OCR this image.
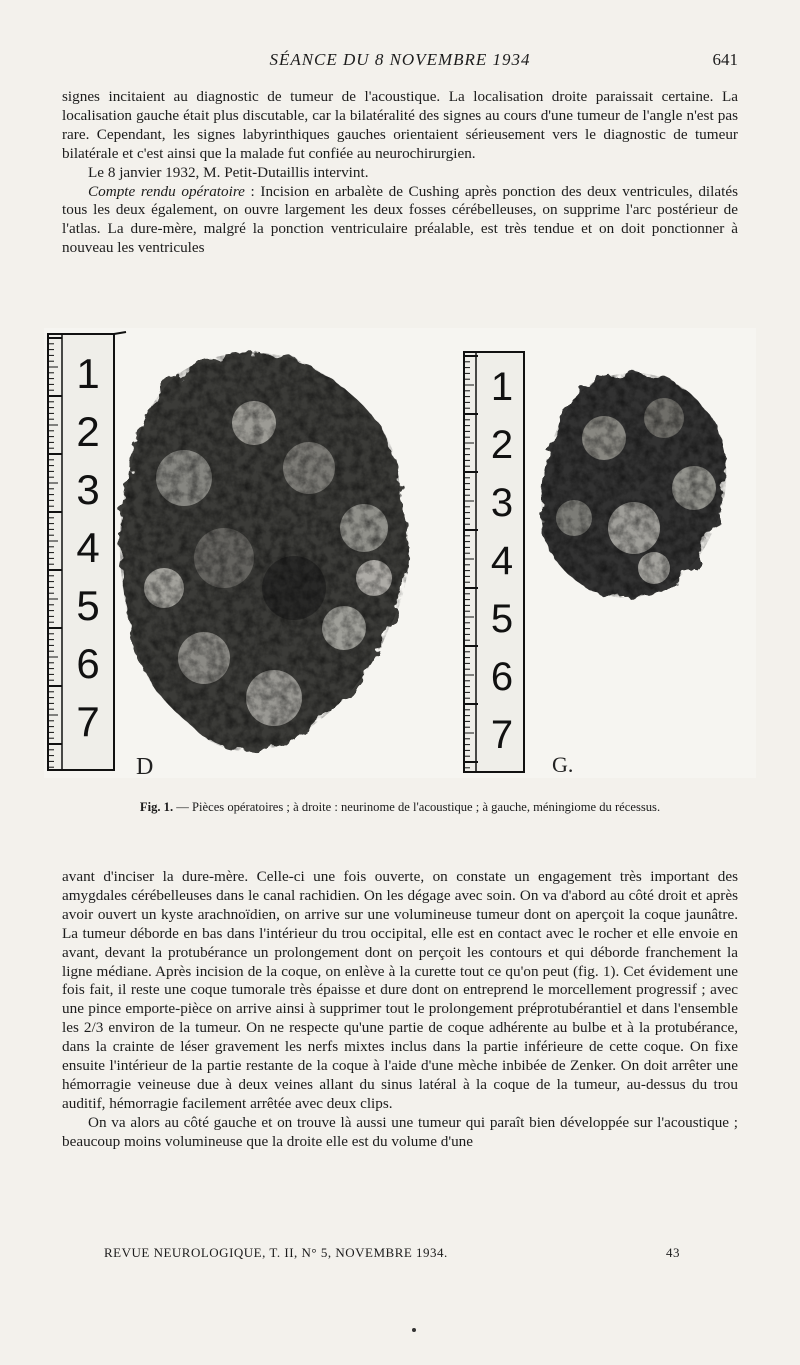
SÉANCE DU 8 NOVEMBRE 1934	641

signes incitaient au diagnostic de tumeur de l'acoustique. La localisation droite paraissait certaine. La localisation gauche était plus discutable, car la bilatéralité des signes au cours d'une tumeur de l'angle n'est pas rare. Cependant, les signes labyrinthiques gauches orientaient sérieusement vers le diagnostic de tumeur bilatérale et c'est ainsi que la malade fut confiée au neurochirurgien.

Le 8 janvier 1932, M. Petit-Dutaillis intervint.

Compte rendu opératoire : Incision en arbalète de Cushing après ponction des deux ventricules, dilatés tous les deux également, on ouvre largement les deux fosses cérébelleuses, on supprime l'arc postérieur de l'atlas. La dure-mère, malgré la ponction ventriculaire préalable, est très tendue et on doit ponctionner à nouveau les ventricules

1
2
3
4
5
6
7
1
2
3
4
5
6
7
D	G.
Fig. 1. — Pièces opératoires ; à droite : neurinome de l'acoustique ; à gauche, méningiome du récessus.

avant d'inciser la dure-mère. Celle-ci une fois ouverte, on constate un engagement très important des amygdales cérébelleuses dans le canal rachidien. On les dégage avec soin. On va d'abord au côté droit et après avoir ouvert un kyste arachnoïdien, on arrive sur une volumineuse tumeur dont on aperçoit la coque jaunâtre. La tumeur déborde en bas dans l'intérieur du trou occipital, elle est en contact avec le rocher et elle envoie en avant, devant la protubérance un prolongement dont on perçoit les contours et qui déborde franchement la ligne médiane. Après incision de la coque, on enlève à la curette tout ce qu'on peut (fig. 1). Cet évidement une fois fait, il reste une coque tumorale très épaisse et dure dont on entreprend le morcellement progressif ; avec une pince emporte-pièce on arrive ainsi à supprimer tout le prolongement préprotubérantiel et dans l'ensemble les 2/3 environ de la tumeur. On ne respecte qu'une partie de coque adhérente au bulbe et à la protubérance, dans la crainte de léser gravement les nerfs mixtes inclus dans la partie inférieure de cette coque. On fixe ensuite l'intérieur de la partie restante de la coque à l'aide d'une mèche inbibée de Zenker. On doit arrêter une hémorragie veineuse due à deux veines allant du sinus latéral à la coque de la tumeur, au-dessus du trou auditif, hémorragie facilement arrêtée avec deux clips.

On va alors au côté gauche et on trouve là aussi une tumeur qui paraît bien développée sur l'acoustique ; beaucoup moins volumineuse que la droite elle est du volume d'une

REVUE NEUROLOGIQUE, T. II, N° 5, NOVEMBRE 1934.	43
